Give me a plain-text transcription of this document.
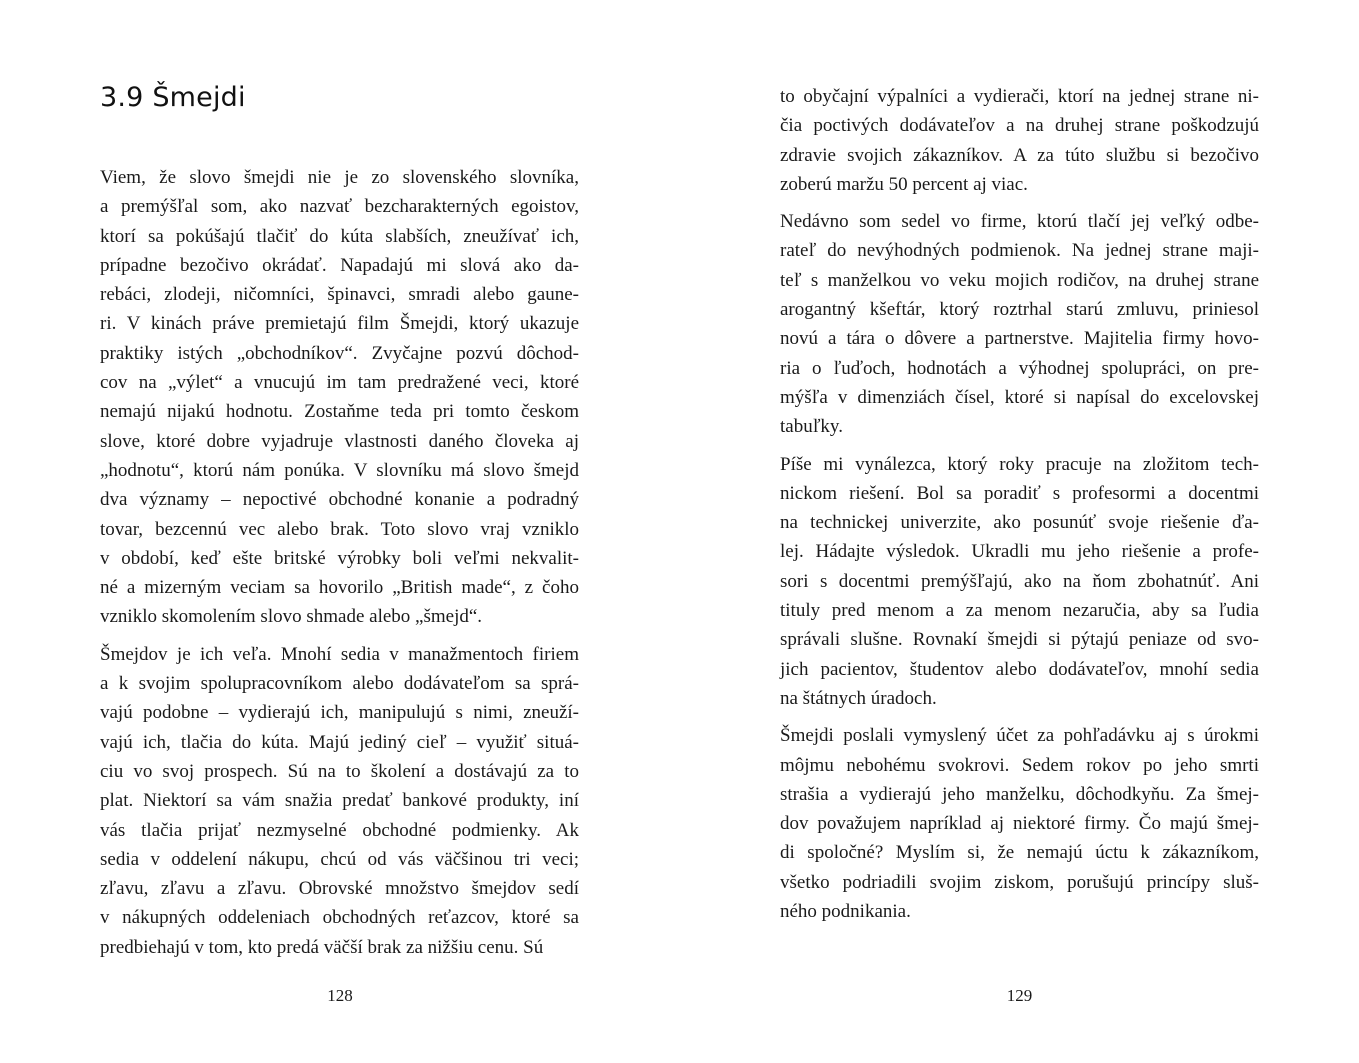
3.9 Šmejdi

Viem, že slovo šmejdi nie je zo slovenského slovníka,
a premýšľal som, ako nazvať bezcharakterných egoistov,
ktorí sa pokúšajú tlačiť do kúta slabších, zneužívať ich,
prípadne bezočivo okrádať. Napadajú mi slová ako da-
rebáci, zlodeji, ničomníci, špinavci, smradi alebo gaune-
ri. V kinách práve premietajú film Šmejdi, ktorý ukazuje
praktiky istých „obchodníkov“. Zvyčajne pozvú dôchod-
cov na „výlet“ a vnucujú im tam predražené veci, ktoré
nemajú nijakú hodnotu. Zostaňme teda pri tomto českom
slove, ktoré dobre vyjadruje vlastnosti daného človeka aj
„hodnotu“, ktorú nám ponúka. V slovníku má slovo šmejd
dva významy – nepoctivé obchodné konanie a podradný
tovar, bezcennú vec alebo brak. Toto slovo vraj vzniklo
v období, keď ešte britské výrobky boli veľmi nekvalit-
né a mizerným veciam sa hovorilo „British made“, z čoho
vzniklo skomolením slovo shmade alebo „šmejd“.

Šmejdov je ich veľa. Mnohí sedia v manažmentoch firiem
a k svojim spolupracovníkom alebo dodávateľom sa sprá-
vajú podobne – vydierajú ich, manipulujú s nimi, zneuží-
vajú ich, tlačia do kúta. Majú jediný cieľ – využiť situá-
ciu vo svoj prospech. Sú na to školení a dostávajú za to
plat. Niektorí sa vám snažia predať bankové produkty, iní
vás tlačia prijať nezmyselné obchodné podmienky. Ak
sedia v oddelení nákupu, chcú od vás väčšinou tri veci;
zľavu, zľavu a zľavu. Obrovské množstvo šmejdov sedí
v nákupných oddeleniach obchodných reťazcov, ktoré sa
predbiehajú v tom, kto predá väčší brak za nižšiu cenu. Sú

128

to obyčajní výpalníci a vydierači, ktorí na jednej strane ni-
čia poctivých dodávateľov a na druhej strane poškodzujú
zdravie svojich zákazníkov. A za túto službu si bezočivo
zoberú maržu 50 percent aj viac.

Nedávno som sedel vo firme, ktorú tlačí jej veľký odbe-
rateľ do nevýhodných podmienok. Na jednej strane maji-
teľ s manželkou vo veku mojich rodičov, na druhej strane
arogantný kšeftár, ktorý roztrhal starú zmluvu, priniesol
novú a tára o dôvere a partnerstve. Majitelia firmy hovo-
ria o ľuďoch, hodnotách a výhodnej spolupráci, on pre-
mýšľa v dimenziách čísel, ktoré si napísal do excelovskej
tabuľky.

Píše mi vynálezca, ktorý roky pracuje na zložitom tech-
nickom riešení. Bol sa poradiť s profesormi a docentmi
na technickej univerzite, ako posunúť svoje riešenie ďa-
lej. Hádajte výsledok. Ukradli mu jeho riešenie a profe-
sori s docentmi premýšľajú, ako na ňom zbohatnúť. Ani
tituly pred menom a za menom nezaručia, aby sa ľudia
správali slušne. Rovnakí šmejdi si pýtajú peniaze od svo-
jich pacientov, študentov alebo dodávateľov, mnohí sedia
na štátnych úradoch.

Šmejdi poslali vymyslený účet za pohľadávku aj s úrokmi
môjmu nebohému svokrovi. Sedem rokov po jeho smrti
strašia a vydierajú jeho manželku, dôchodkyňu. Za šmej-
dov považujem napríklad aj niektoré firmy. Čo majú šmej-
di spoločné? Myslím si, že nemajú úctu k zákazníkom,
všetko podriadili svojim ziskom, porušujú princípy sluš-
ného podnikania.

129
